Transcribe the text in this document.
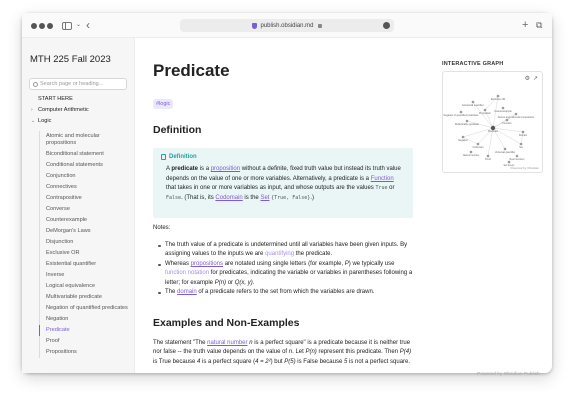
⌄ ‹	publish.obsidian.md	+ ⧉
MTH 225 Fall 2023
Search page or heading...
START HERE
› Computer Arithmetic
⌄ Logic
Atomic and molecular propositions
Biconditional statement
Conditional statements
Conjunction
Connectives
Contrapositive
Converse
Counterexample
DeMorgan's Laws
Disjunction
Exclusive OR
Existential quantifier
Inverse
Logical equivalence
Multivariable predicate
Negation of quantified predicates
Negation
Predicate
Proof
Propositions
Predicate
#logic
Definition
Definition
A predicate is a proposition without a definite, fixed truth value but instead its truth value depends on the value of one or more variables. Alternatively, a predicate is a Function that takes in one or more variables as input, and whose outputs are the values True or False. (That is, its Codomain is the Set {True, False}.)
Notes:
The truth value of a predicate is undetermined until all variables have been given inputs. By assigning values to the inputs we are quantifying the predicate.
Whereas propositions are notated using single letters (for example, P) we typically use function notation for predicates, indicating the variable or variables in parentheses following a letter; for example P(n) or Q(x, y).
The domain of a predicate refers to the set from which the variables are drawn.
Examples and Non-Examples
The statement "The natural number n is a perfect square" is a predicate because it is neither true nor false -- the truth value depends on the value of n. Let P(n) represent this predicate. Then P(4) is True because 4 is a perfect square (4 = 2²) but P(5) is False because 5 is not a perfect square.
INTERACTIVE GRAPH
Existential quantifier
Exclusive OR
Proposition
Multivariable predicate
Atomic and molecular propositions
Function
Negation
Domain
Codomain	Set
Predicate
Universal quantifier
Proof
Natural number
Real numbers
Counterexample
Negation of quantified predicates
Set theory
⚙ ↗
Powered by Obsidian
Powered by Obsidian Publish
